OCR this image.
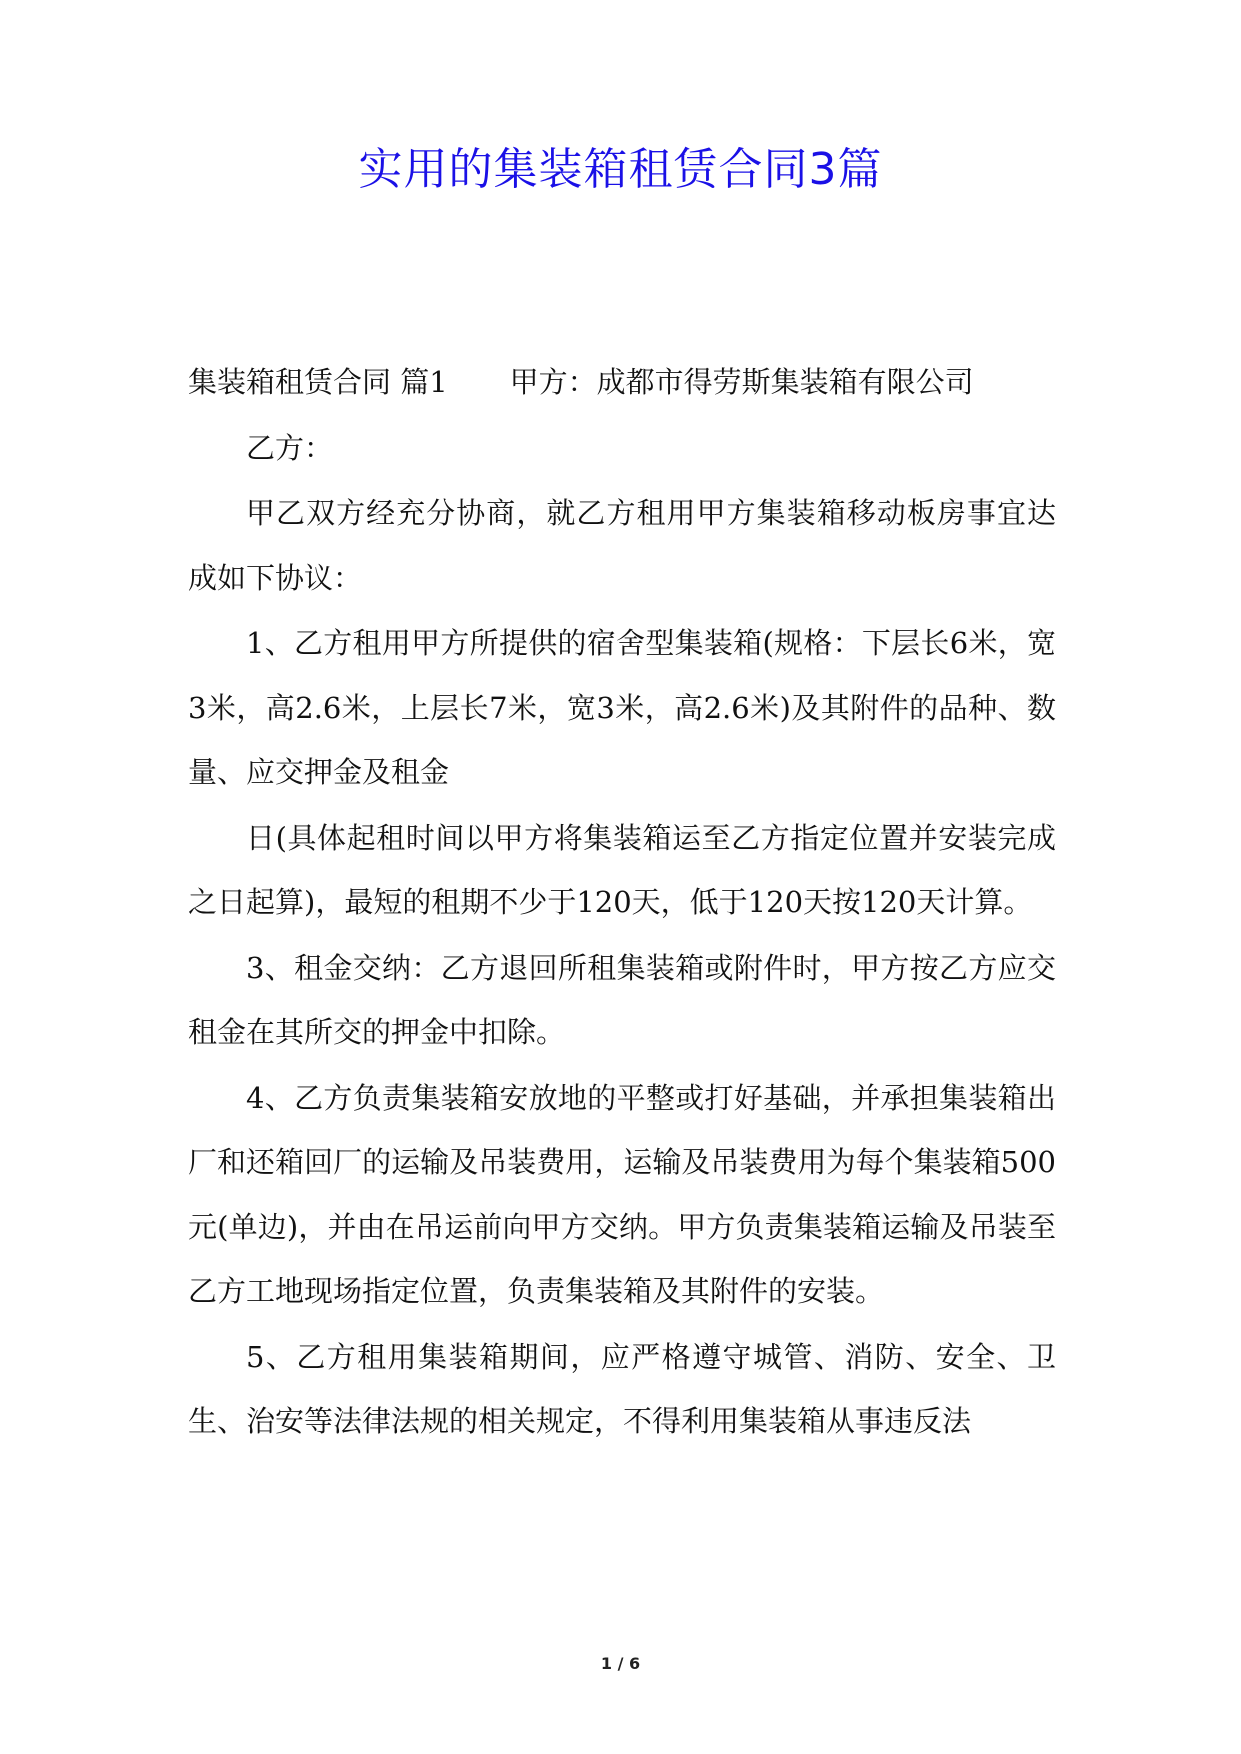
实用的集装箱租赁合同3篇

集装箱租赁合同 篇1 甲方：成都市得劳斯集装箱有限公司

乙方：

甲乙双方经充分协商，就乙方租用甲方集装箱移动板房事宜达成如下协议：

1、乙方租用甲方所提供的宿舍型集装箱(规格：下层长6米，宽3米，高2.6米，上层长7米，宽3米，高2.6米)及其附件的品种、数量、应交押金及租金

日(具体起租时间以甲方将集装箱运至乙方指定位置并安装完成之日起算)，最短的租期不少于120天，低于120天按120天计算。

3、租金交纳：乙方退回所租集装箱或附件时，甲方按乙方应交租金在其所交的押金中扣除。

4、乙方负责集装箱安放地的平整或打好基础，并承担集装箱出厂和还箱回厂的运输及吊装费用，运输及吊装费用为每个集装箱500元(单边)，并由在吊运前向甲方交纳。甲方负责集装箱运输及吊装至乙方工地现场指定位置，负责集装箱及其附件的安装。

5、乙方租用集装箱期间，应严格遵守城管、消防、安全、卫生、治安等法律法规的相关规定，不得利用集装箱从事违反法

1 / 6
